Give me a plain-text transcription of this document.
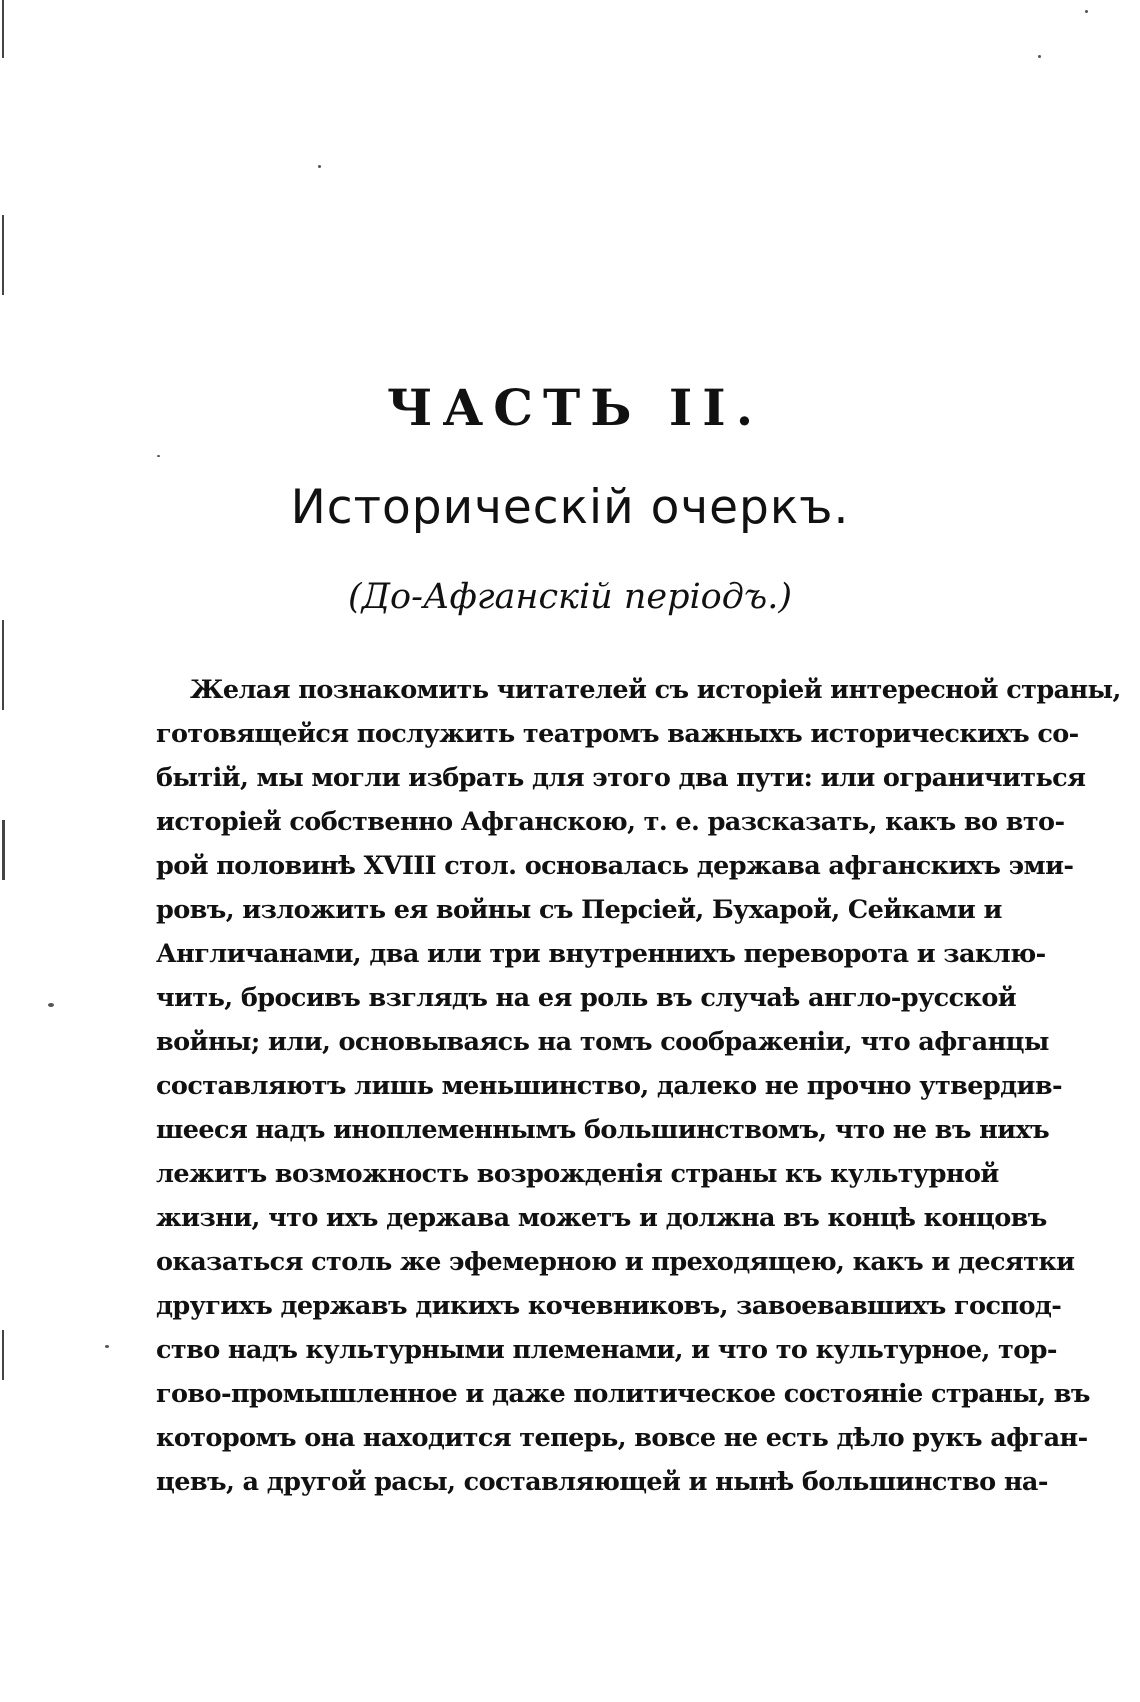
ЧАСТЬ II.
Историческій очеркъ.
(До-Афганскій періодъ.)
Желая познакомить читателей съ исторіей интересной страны,
готовящейся послужить театромъ важныхъ историческихъ со-
бытій, мы могли избрать для этого два пути: или ограничиться
исторіей собственно Афганскою, т. е. разсказать, какъ во вто-
рой половинѣ XVIII стол. основалась держава афганскихъ эми-
ровъ, изложить ея войны съ Персіей, Бухарой, Сейками и
Англичанами, два или три внутреннихъ переворота и заклю-
чить, бросивъ взглядъ на ея роль въ случаѣ англо-русской
войны; или, основываясь на томъ соображеніи, что афганцы
составляютъ лишь меньшинство, далеко не прочно утвердив-
шееся надъ иноплеменнымъ большинствомъ, что не въ нихъ
лежитъ возможность возрожденія страны къ культурной
жизни, что ихъ держава можетъ и должна въ концѣ концовъ
оказаться столь же эфемерною и преходящею, какъ и десятки
другихъ державъ дикихъ кочевниковъ, завоевавшихъ господ-
ство надъ культурными племенами, и что то культурное, тор-
гово-промышленное и даже политическое состояніе страны, въ
которомъ она находится теперь, вовсе не есть дѣло рукъ афган-
цевъ, а другой расы, составляющей и нынѣ большинство на-
